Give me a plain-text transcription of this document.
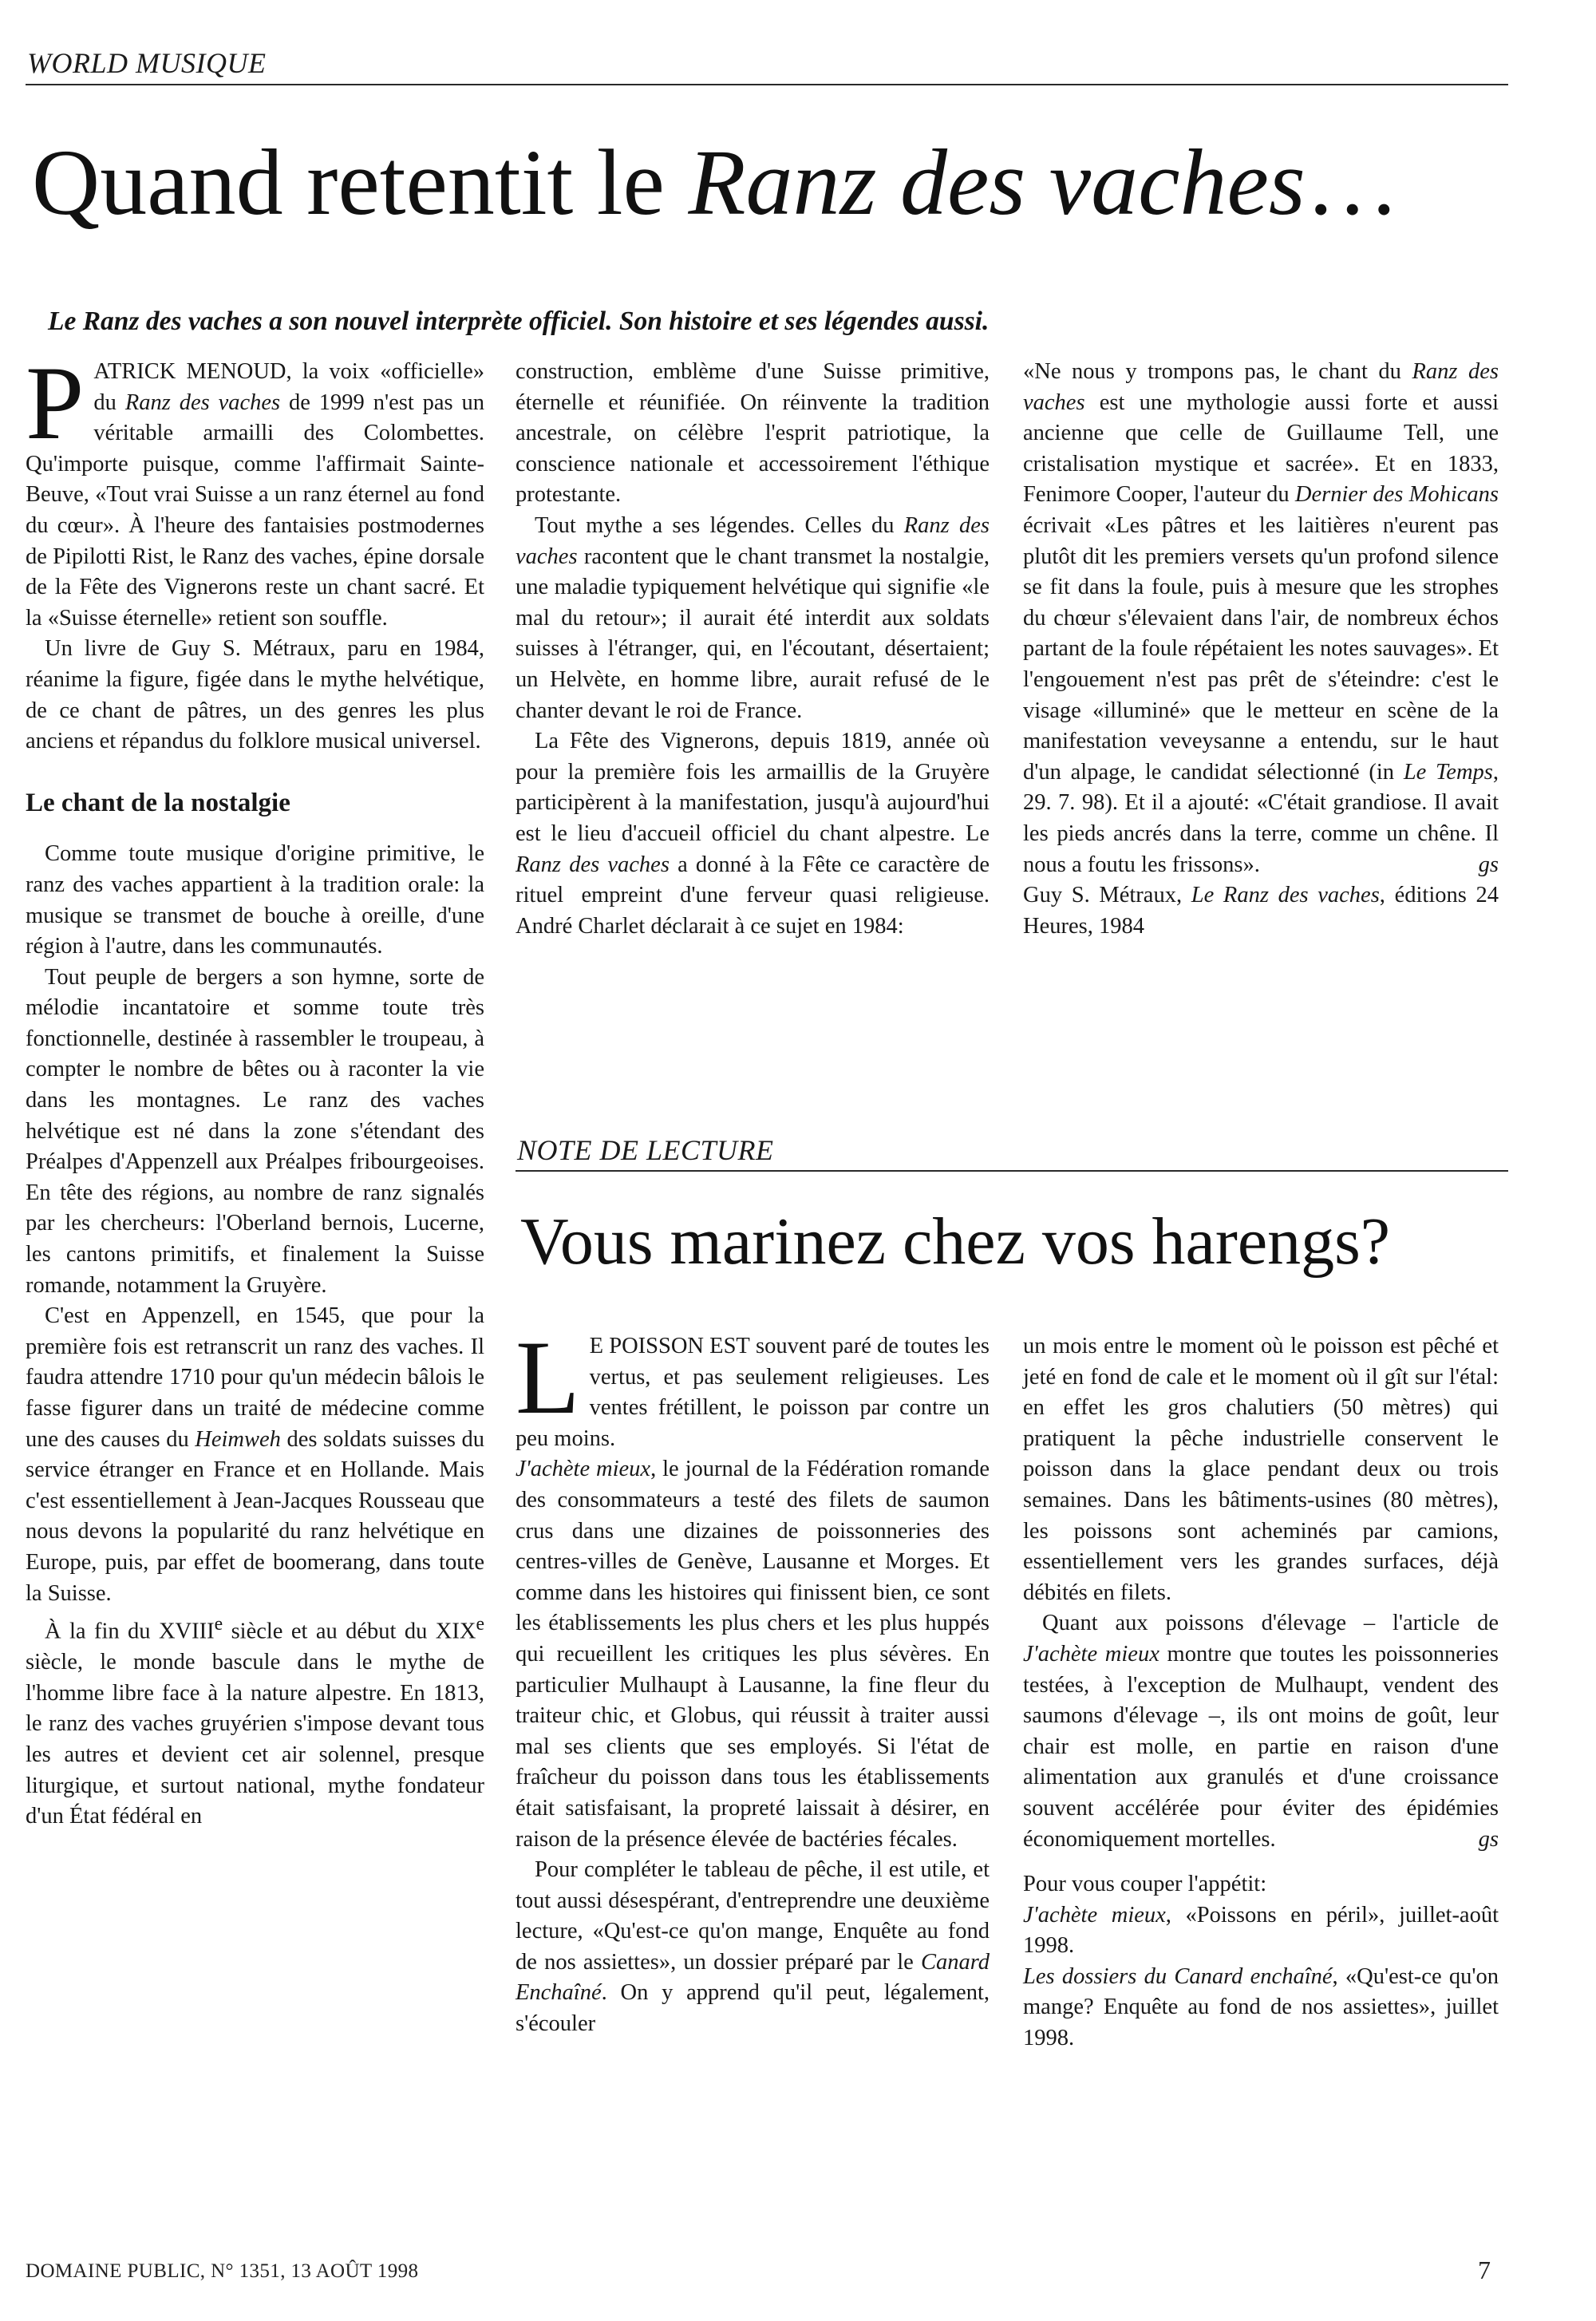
WORLD MUSIQUE
Quand retentit le Ranz des vaches…
Le Ranz des vaches a son nouvel interprète officiel. Son histoire et ses légendes aussi.

PATRICK MENOUD, la voix «officielle» du Ranz des vaches de 1999 n'est pas un véritable armailli des Colombettes. Qu'importe puisque, comme l'affirmait Sainte-Beuve, «Tout vrai Suisse a un ranz éternel au fond du cœur». À l'heure des fantaisies postmodernes de Pipilotti Rist, le Ranz des vaches, épine dorsale de la Fête des Vignerons reste un chant sacré. Et la «Suisse éternelle» retient son souffle.

Un livre de Guy S. Métraux, paru en 1984, réanime la figure, figée dans le mythe helvétique, de ce chant de pâtres, un des genres les plus anciens et répandus du folklore musical universel.

Le chant de la nostalgie

Comme toute musique d'origine primitive, le ranz des vaches appartient à la tradition orale: la musique se transmet de bouche à oreille, d'une région à l'autre, dans les communautés.

Tout peuple de bergers a son hymne, sorte de mélodie incantatoire et somme toute très fonctionnelle, destinée à rassembler le troupeau, à compter le nombre de bêtes ou à raconter la vie dans les montagnes. Le ranz des vaches helvétique est né dans la zone s'étendant des Préalpes d'Appenzell aux Préalpes fribourgeoises. En tête des régions, au nombre de ranz signalés par les chercheurs: l'Oberland bernois, Lucerne, les cantons primitifs, et finalement la Suisse romande, notamment la Gruyère.

C'est en Appenzell, en 1545, que pour la première fois est retranscrit un ranz des vaches. Il faudra attendre 1710 pour qu'un médecin bâlois le fasse figurer dans un traité de médecine comme une des causes du Heimweh des soldats suisses du service étranger en France et en Hollande. Mais c'est essentiellement à Jean-Jacques Rousseau que nous devons la popularité du ranz helvétique en Europe, puis, par effet de boomerang, dans toute la Suisse.

À la fin du XVIIIe siècle et au début du XIXe siècle, le monde bascule dans le mythe de l'homme libre face à la nature alpestre. En 1813, le ranz des vaches gruyérien s'impose devant tous les autres et devient cet air solennel, presque liturgique, et surtout national, mythe fondateur d'un État fédéral en

construction, emblème d'une Suisse primitive, éternelle et réunifiée. On réinvente la tradition ancestrale, on célèbre l'esprit patriotique, la conscience nationale et accessoirement l'éthique protestante.

Tout mythe a ses légendes. Celles du Ranz des vaches racontent que le chant transmet la nostalgie, une maladie typiquement helvétique qui signifie «le mal du retour»; il aurait été interdit aux soldats suisses à l'étranger, qui, en l'écoutant, désertaient; un Helvète, en homme libre, aurait refusé de le chanter devant le roi de France.

La Fête des Vignerons, depuis 1819, année où pour la première fois les armaillis de la Gruyère participèrent à la manifestation, jusqu'à aujourd'hui est le lieu d'accueil officiel du chant alpestre. Le Ranz des vaches a donné à la Fête ce caractère de rituel empreint d'une ferveur quasi religieuse. André Charlet déclarait à ce sujet en 1984:

«Ne nous y trompons pas, le chant du Ranz des vaches est une mythologie aussi forte et aussi ancienne que celle de Guillaume Tell, une cristalisation mystique et sacrée». Et en 1833, Fenimore Cooper, l'auteur du Dernier des Mohicans écrivait «Les pâtres et les laitières n'eurent pas plutôt dit les premiers versets qu'un profond silence se fit dans la foule, puis à mesure que les strophes du chœur s'élevaient dans l'air, de nombreux échos partant de la foule répétaient les notes sauvages». Et l'engouement n'est pas prêt de s'éteindre: c'est le visage «illuminé» que le metteur en scène de la manifestation veveysanne a entendu, sur le haut d'un alpage, le candidat sélectionné (in Le Temps, 29. 7. 98). Et il a ajouté: «C'était grandiose. Il avait les pieds ancrés dans la terre, comme un chêne. Il nous a foutu les frissons».	gs

Guy S. Métraux, Le Ranz des vaches, éditions 24 Heures, 1984

NOTE DE LECTURE
Vous marinez chez vos harengs?

L E POISSON EST souvent paré de toutes les vertus, et pas seulement religieuses. Les ventes frétillent, le poisson par contre un peu moins.

J'achète mieux, le journal de la Fédération romande des consommateurs a testé des filets de saumon crus dans une dizaines de poissonneries des centres-villes de Genève, Lausanne et Morges. Et comme dans les histoires qui finissent bien, ce sont les établissements les plus chers et les plus huppés qui recueillent les critiques les plus sévères. En particulier Mulhaupt à Lausanne, la fine fleur du traiteur chic, et Globus, qui réussit à traiter aussi mal ses clients que ses employés. Si l'état de fraîcheur du poisson dans tous les établissements était satisfaisant, la propreté laissait à désirer, en raison de la présence élevée de bactéries fécales.

Pour compléter le tableau de pêche, il est utile, et tout aussi désespérant, d'entreprendre une deuxième lecture, «Qu'est-ce qu'on mange, Enquête au fond de nos assiettes», un dossier préparé par le Canard Enchaîné. On y apprend qu'il peut, légalement, s'écouler

un mois entre le moment où le poisson est pêché et jeté en fond de cale et le moment où il gît sur l'étal: en effet les gros chalutiers (50 mètres) qui pratiquent la pêche industrielle conservent le poisson dans la glace pendant deux ou trois semaines. Dans les bâtiments-usines (80 mètres), les poissons sont acheminés par camions, essentiellement vers les grandes surfaces, déjà débités en filets.

Quant aux poissons d'élevage – l'article de J'achète mieux montre que toutes les poissonneries testées, à l'exception de Mulhaupt, vendent des saumons d'élevage –, ils ont moins de goût, leur chair est molle, en partie en raison d'une alimentation aux granulés et d'une croissance souvent accélérée pour éviter des épidémies économiquement mortelles.	gs

Pour vous couper l'appétit:

J'achète mieux, «Poissons en péril», juillet-août 1998.

Les dossiers du Canard enchaîné, «Qu'est-ce qu'on mange? Enquête au fond de nos assiettes», juillet 1998.

DOMAINE PUBLIC, N° 1351, 13 AOÛT 1998	7
